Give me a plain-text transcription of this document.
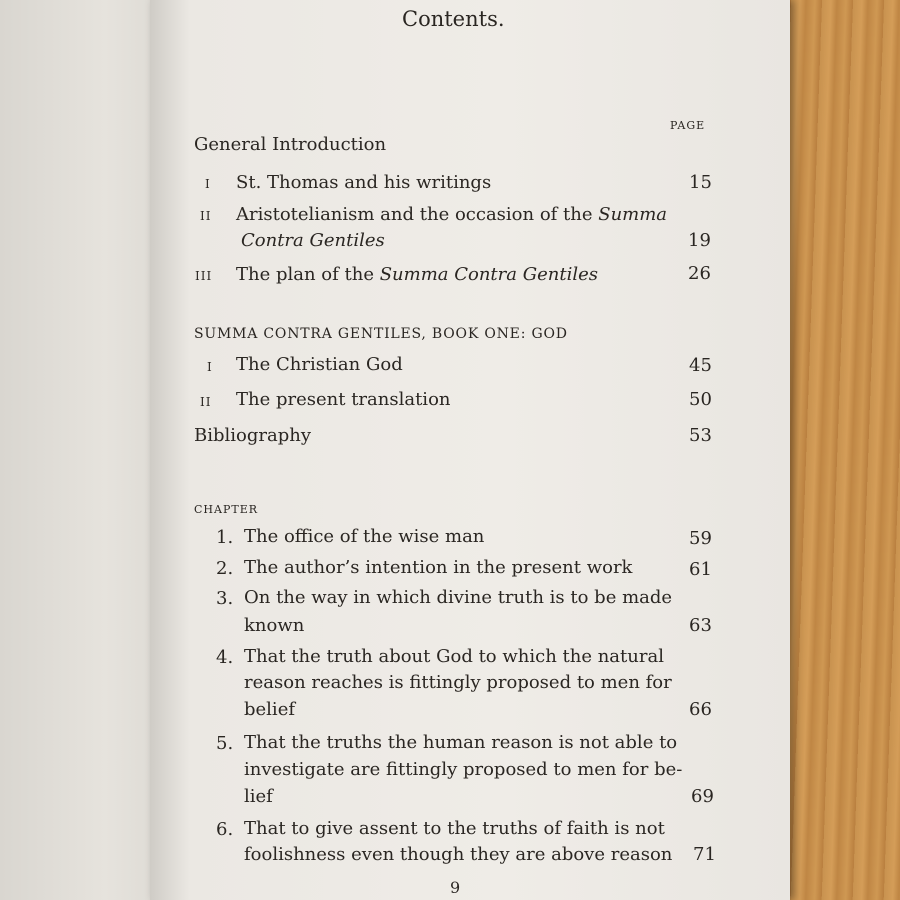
Contents.
PAGE
General Introduction
I St. Thomas and his writings	15
II Aristotelianism and the occasion of the Summa
Contra Gentiles	19
III The plan of the Summa Contra Gentiles	26
SUMMA CONTRA GENTILES, BOOK ONE: GOD
I The Christian God	45
II The present translation	50
Bibliography	53
CHAPTER
1. The office of the wise man	59
2. The author’s intention in the present work	61
3. On the way in which divine truth is to be made
known	63
4. That the truth about God to which the natural
reason reaches is fittingly proposed to men for
belief	66
5. That the truths the human reason is not able to
investigate are fittingly proposed to men for be-
lief	69
6. That to give assent to the truths of faith is not
foolishness even though they are above reason 71
9
